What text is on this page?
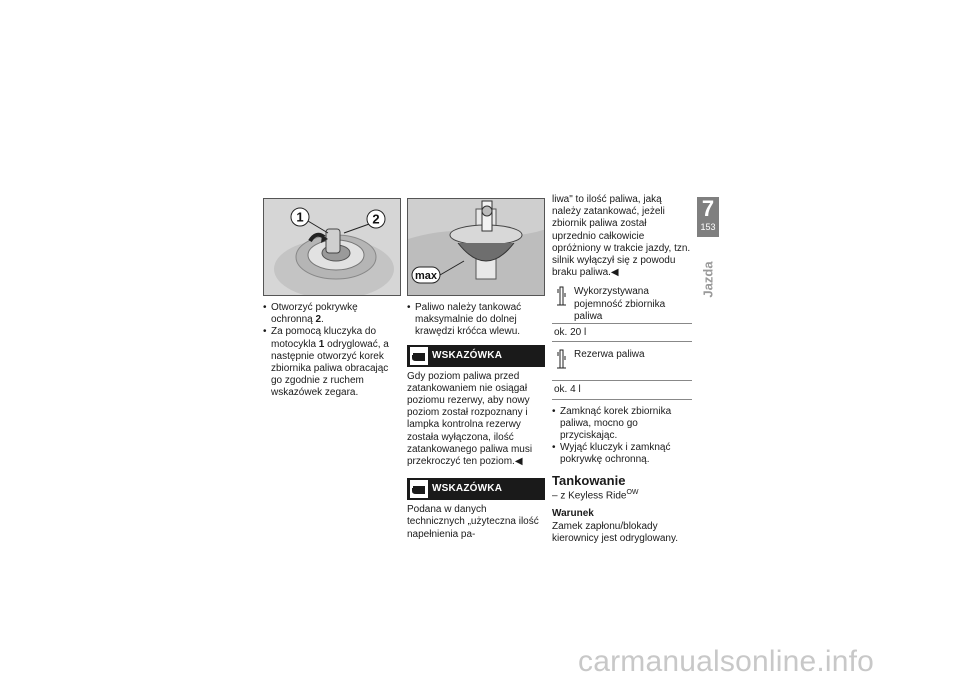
1	2
• Otworzyć pokrywkę ochronną 2.
• Za pomocą kluczyka do motocykla 1 odryglować, a następnie otworzyć korek zbiornika paliwa obracając go zgodnie z ruchem wskazówek zegara.
max
• Paliwo należy tankować maksymalnie do dolnej krawędzi króćca wlewu.
WSKAZÓWKA

Gdy poziom paliwa przed zatankowaniem nie osiągał poziomu rezerwy, aby nowy poziom został rozpoznany i lampka kontrolna rezerwy została wyłączona, ilość zatankowanego paliwa musi przekroczyć ten poziom.◀

WSKAZÓWKA

Podana w danych technicznych „użyteczna ilość napełnienia pa-

liwa" to ilość paliwa, jaką należy zatankować, jeżeli zbiornik paliwa został uprzednio całkowicie opróżniony w trakcie jazdy, tzn. silnik wyłączył się z powodu braku paliwa.◀

Wykorzystywana pojemność zbiornika paliwa
ok. 20 l
Rezerwa paliwa
ok. 4 l
• Zamknąć korek zbiornika paliwa, mocno go przyciskając.
• Wyjąć kluczyk i zamknąć pokrywkę ochronną.
Tankowanie

– z Keyless Ride$^{OW}$

Warunek

Zamek zapłonu/blokady kierownicy jest odryglowany.

7
153
Jazda
carmanualsonline.info
